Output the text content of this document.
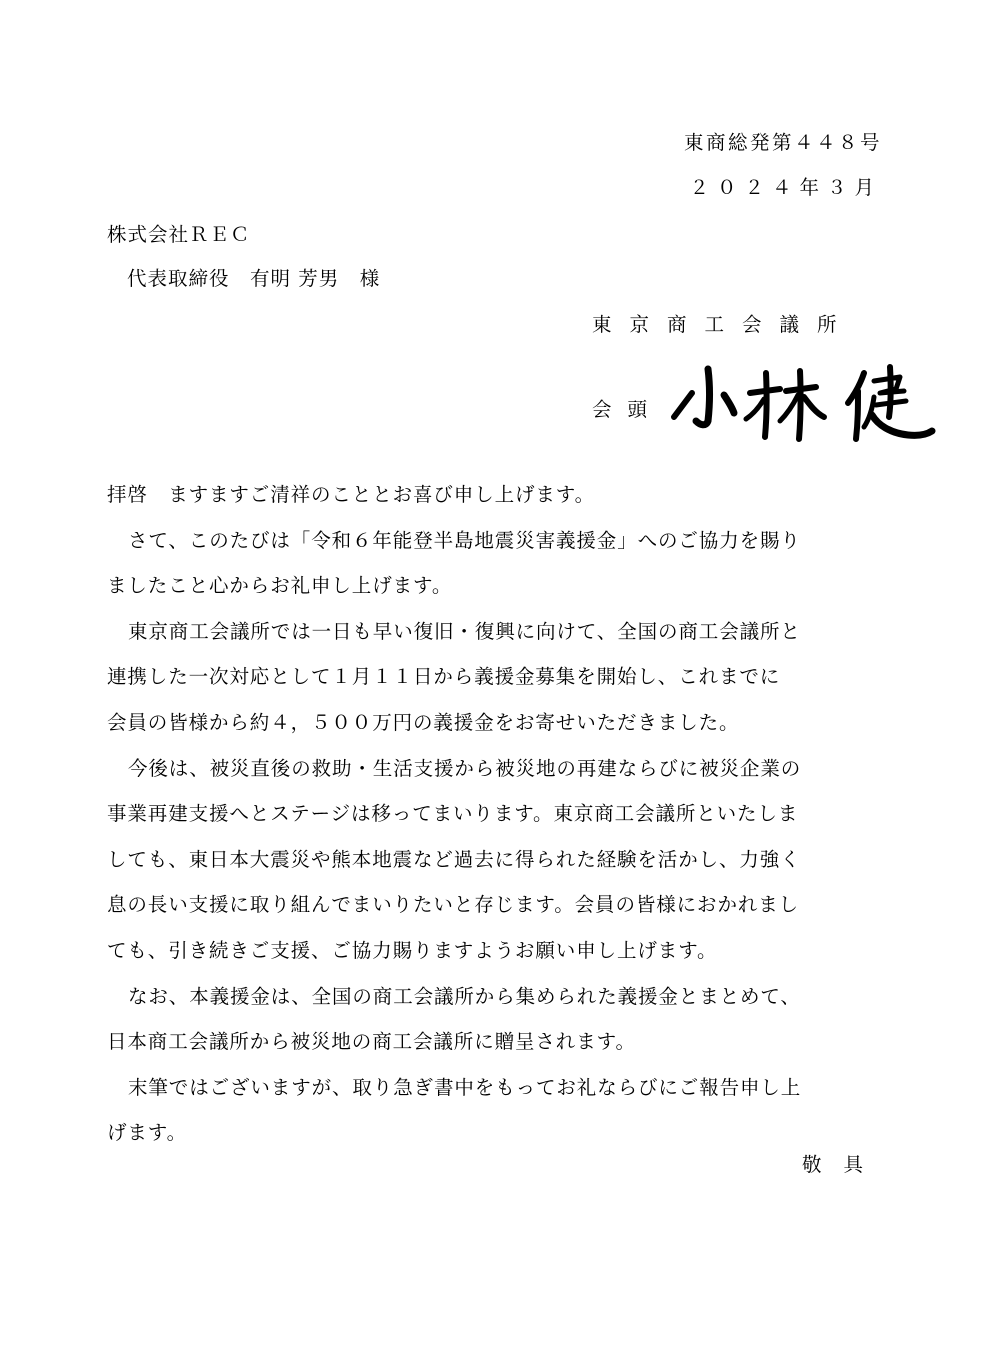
東商総発第４４８号
２０２４年３月
株式会社ＲＥＣ
代表取締役　有明 芳男　様
東京商工会議所
会頭
拝啓　ますますご清祥のこととお喜び申し上げます。
さて、このたびは「令和６年能登半島地震災害義援金」へのご協力を賜り
ましたこと心からお礼申し上げます。
東京商工会議所では一日も早い復旧・復興に向けて、全国の商工会議所と
連携した一次対応として１月１１日から義援金募集を開始し、これまでに
会員の皆様から約４，５００万円の義援金をお寄せいただきました。
今後は、被災直後の救助・生活支援から被災地の再建ならびに被災企業の
事業再建支援へとステージは移ってまいります。東京商工会議所といたしま
しても、東日本大震災や熊本地震など過去に得られた経験を活かし、力強く
息の長い支援に取り組んでまいりたいと存じます。会員の皆様におかれまし
ても、引き続きご支援、ご協力賜りますようお願い申し上げます。
なお、本義援金は、全国の商工会議所から集められた義援金とまとめて、
日本商工会議所から被災地の商工会議所に贈呈されます。
末筆ではございますが、取り急ぎ書中をもってお礼ならびにご報告申し上
げます。
敬具
